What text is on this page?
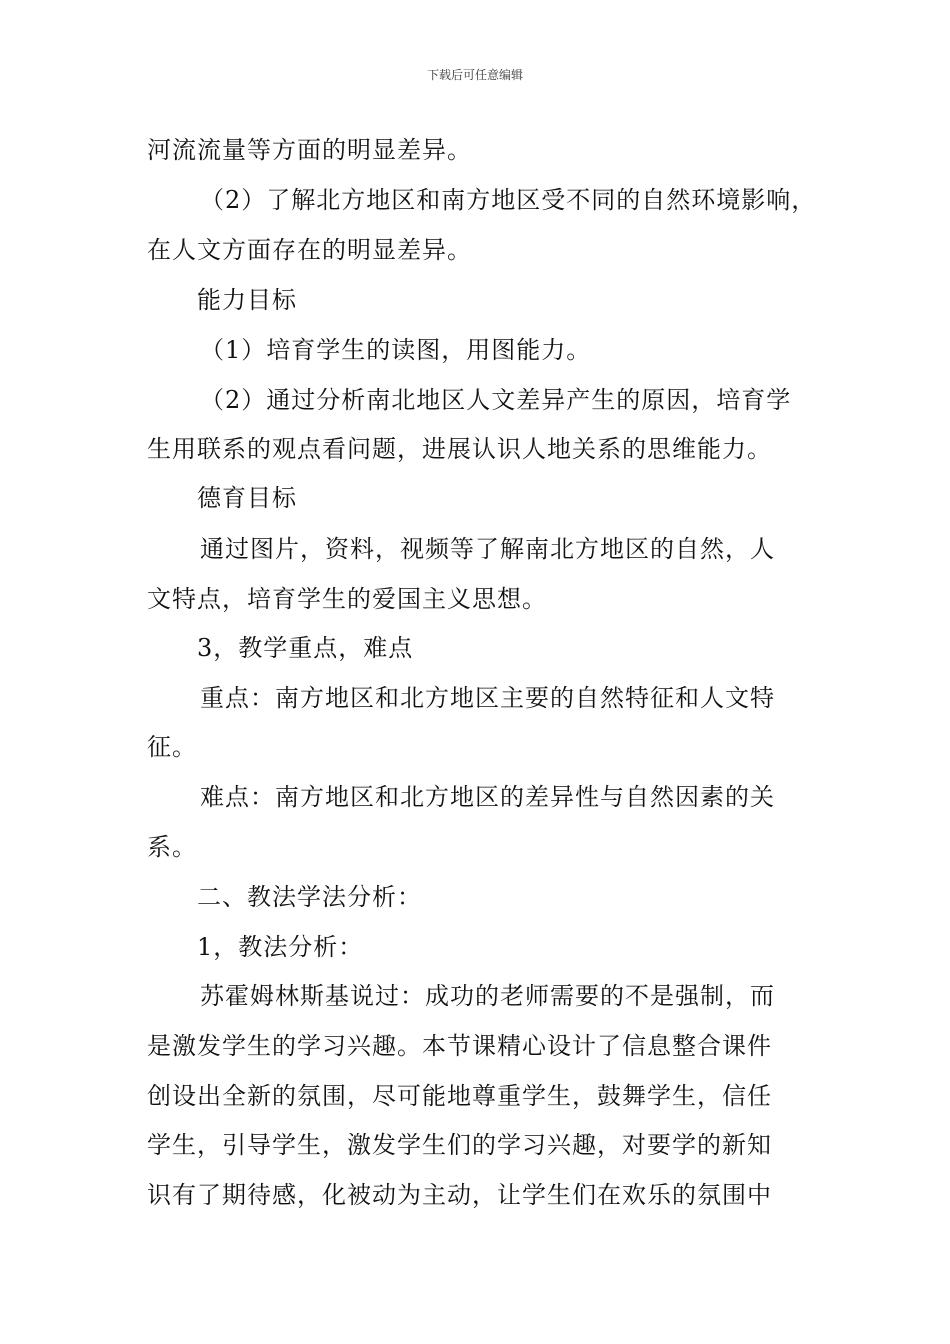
下载后可任意编辑
河流流量等方面的明显差异。
（2）了解北方地区和南方地区受不同的自然环境影响，
在人文方面存在的明显差异。
能力目标
（1）培育学生的读图，用图能力。
（2）通过分析南北地区人文差异产生的原因，培育学
生用联系的观点看问题，进展认识人地关系的思维能力。
德育目标
通过图片，资料，视频等了解南北方地区的自然，人
文特点，培育学生的爱国主义思想。
3，教学重点，难点
重点：南方地区和北方地区主要的自然特征和人文特
征。
难点：南方地区和北方地区的差异性与自然因素的关
系。
二、教法学法分析：
1，教法分析：
苏霍姆林斯基说过：成功的老师需要的不是强制，而
是激发学生的学习兴趣。本节课精心设计了信息整合课件
创设出全新的氛围，尽可能地尊重学生，鼓舞学生，信任
学生，引导学生，激发学生们的学习兴趣，对要学的新知
识有了期待感，化被动为主动，让学生们在欢乐的氛围中
